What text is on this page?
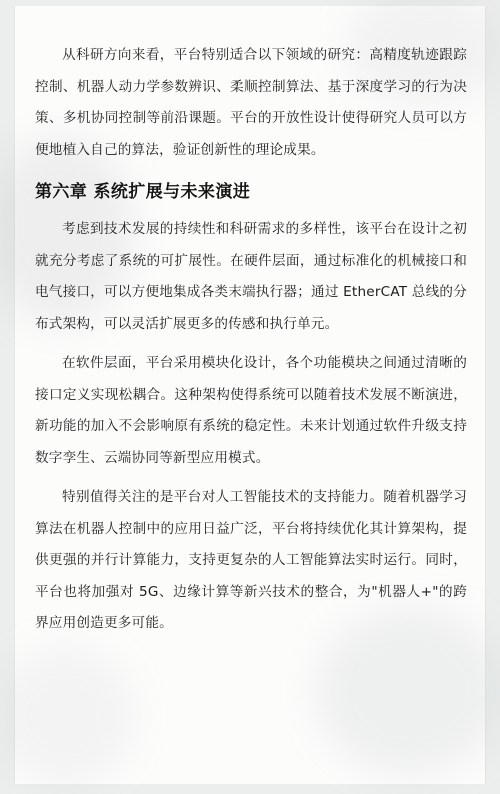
从科研方向来看，平台特别适合以下领域的研究：高精度轨迹跟踪控制、机器人动力学参数辨识、柔顺控制算法、基于深度学习的行为决策、多机协同控制等前沿课题。平台的开放性设计使得研究人员可以方便地植入自己的算法，验证创新性的理论成果。

第六章 系统扩展与未来演进

考虑到技术发展的持续性和科研需求的多样性，该平台在设计之初就充分考虑了系统的可扩展性。在硬件层面，通过标准化的机械接口和电气接口，可以方便地集成各类末端执行器；通过 EtherCAT 总线的分布式架构，可以灵活扩展更多的传感和执行单元。

在软件层面，平台采用模块化设计，各个功能模块之间通过清晰的接口定义实现松耦合。这种架构使得系统可以随着技术发展不断演进，新功能的加入不会影响原有系统的稳定性。未来计划通过软件升级支持数字孪生、云端协同等新型应用模式。

特别值得关注的是平台对人工智能技术的支持能力。随着机器学习算法在机器人控制中的应用日益广泛，平台将持续优化其计算架构，提供更强的并行计算能力，支持更复杂的人工智能算法实时运行。同时，平台也将加强对 5G、边缘计算等新兴技术的整合，为"机器人+"的跨界应用创造更多可能。
